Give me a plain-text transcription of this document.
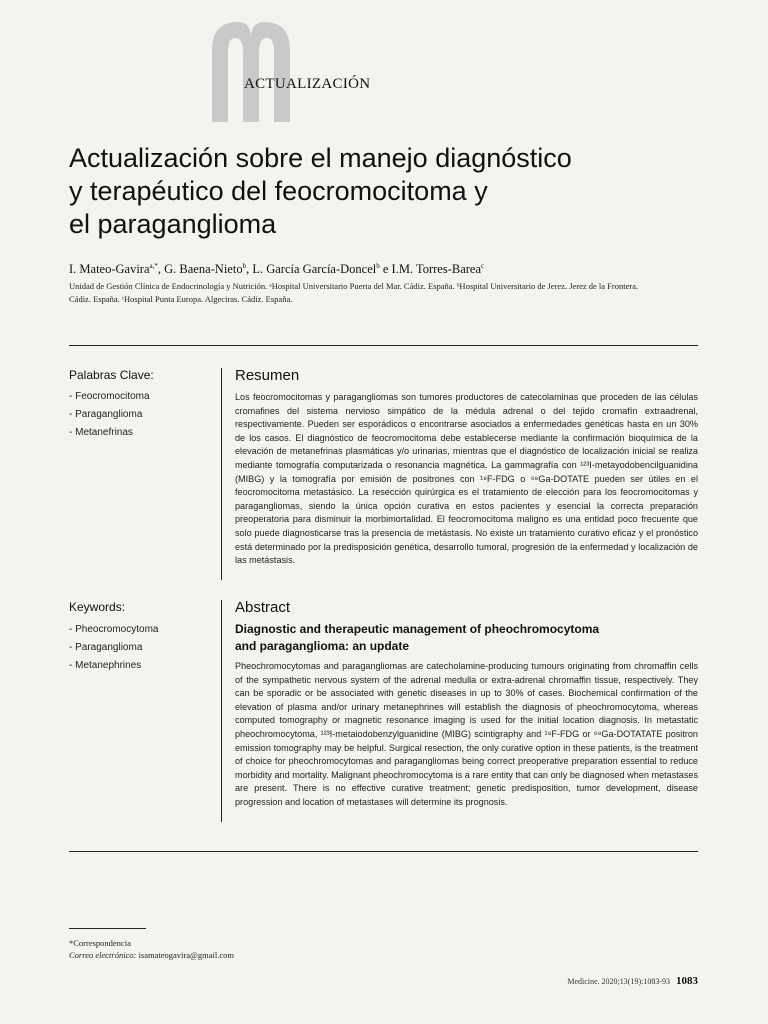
ACTUALIZACIÓN
Actualización sobre el manejo diagnóstico
y terapéutico del feocromocitoma y
el paraganglioma
I. Mateo-Gavira$^{a,*}$, G. Baena-Nieto$^b$, L. García García-Doncel$^b$ e I.M. Torres-Barea$^c$
Unidad de Gestión Clínica de Endocrinología y Nutrición. ᵃHospital Universitario Puerta del Mar. Cádiz. España. ᵇHospital Universitario de Jerez. Jerez de la Frontera.
Cádiz. España. ᶜHospital Punta Europa. Algeciras. Cádiz. España.
Palabras Clave:
- Feocromocitoma
- Paraganglioma
- Metanefrinas
Resumen

Los feocromocitomas y paragangliomas son tumores productores de catecolaminas que proceden de las células cromafines del sistema nervioso simpático de la médula adrenal o del tejido cromafín extraadrenal, respectivamente. Pueden ser esporádicos o encontrarse asociados a enfermedades genéticas hasta en un 30% de los casos. El diagnóstico de feocromocitoma debe establecerse mediante la confirmación bioquímica de la elevación de metanefrinas plasmáticas y/o urinarias, mientras que el diagnóstico de localización inicial se realiza mediante tomografía computarizada o resonancia magnética. La gammagrafía con ¹²³I-metayodobencilguanidina (MIBG) y la tomografía por emisión de positrones con ¹⁸F-FDG o ⁶⁸Ga-DOTATE pueden ser útiles en el feocromocitoma metastásico. La resección quirúrgica es el tratamiento de elección para los feocromocitomas y paragangliomas, siendo la única opción curativa en estos pacientes y esencial la correcta preparación preoperatoria para disminuir la morbimortalidad. El feocromocitoma maligno es una entidad poco frecuente que solo puede diagnosticarse tras la presencia de metástasis. No existe un tratamiento curativo eficaz y el pronóstico está determinado por la predisposición genética, desarrollo tumoral, progresión de la enfermedad y localización de las metástasis.

Keywords:
- Pheocromocytoma
- Paraganglioma
- Metanephrines
Abstract
Diagnostic and therapeutic management of pheochromocytoma
and paraganglioma: an update

Pheochromocytomas and paragangliomas are catecholamine-producing tumours originating from chromaffin cells of the sympathetic nervous system of the adrenal medulla or extra-adrenal chromaffin tissue, respectively. They can be sporadic or be associated with genetic diseases in up to 30% of cases. Biochemical confirmation of the elevation of plasma and/or urinary metanephrines will establish the diagnosis of pheochromocytoma, whereas computed tomography or magnetic resonance imaging is used for the initial location diagnosis. In metastatic pheochromocytoma, ¹²³I-metaiodobenzylguanidine (MIBG) scintigraphy and ¹⁸F-FDG or ⁶⁸Ga-DOTATATE positron emission tomography may be helpful. Surgical resection, the only curative option in these patients, is the treatment of choice for pheochromocytomas and paragangliomas being correct preoperative preparation essential to reduce morbidity and mortality. Malignant pheochromocytoma is a rare entity that can only be diagnosed when metastases are present. There is no effective curative treatment; genetic predisposition, tumor development, disease progression and location of metastases will determine its prognosis.

*Correspondencia
Correo electrónico: isamateogavira@gmail.com
Medicine. 2020;13(19):1083-93 1083
